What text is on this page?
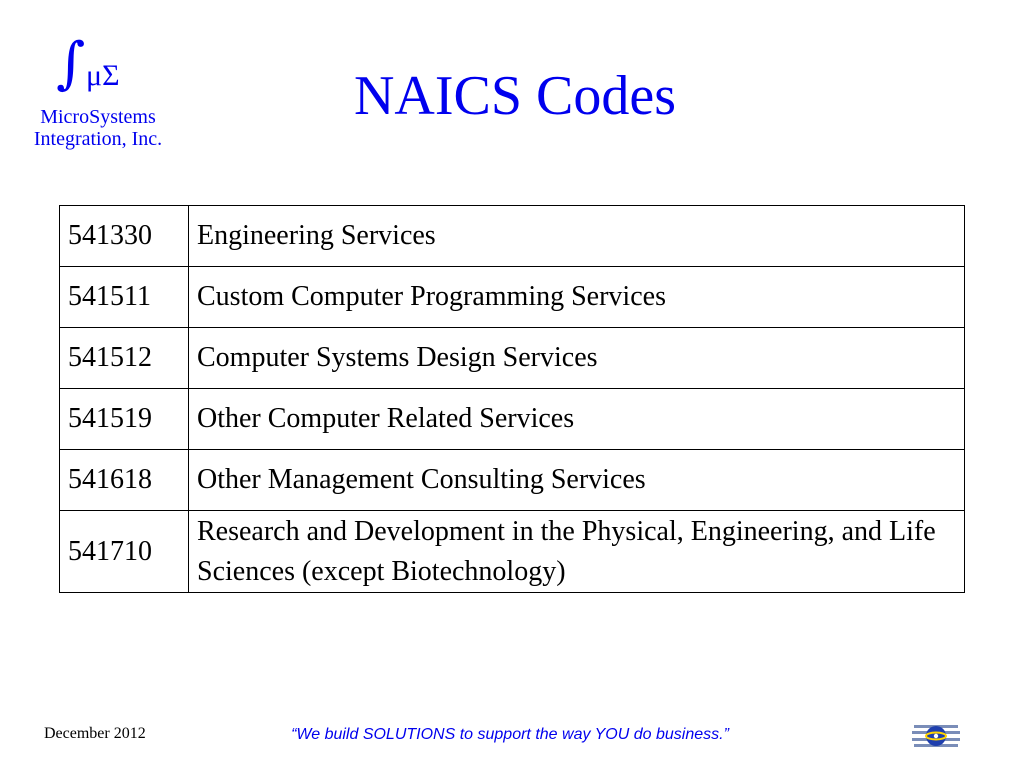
∫ μΣ
MicroSystems
Integration, Inc.
NAICS Codes
541330	Engineering Services
541511	Custom Computer Programming Services
541512	Computer Systems Design Services
541519	Other Computer Related Services
541618	Other Management Consulting Services
541710	Research and Development in the Physical, Engineering, and Life Sciences (except Biotechnology)
December 2012	“We build SOLUTIONS to support the way YOU do business.”
